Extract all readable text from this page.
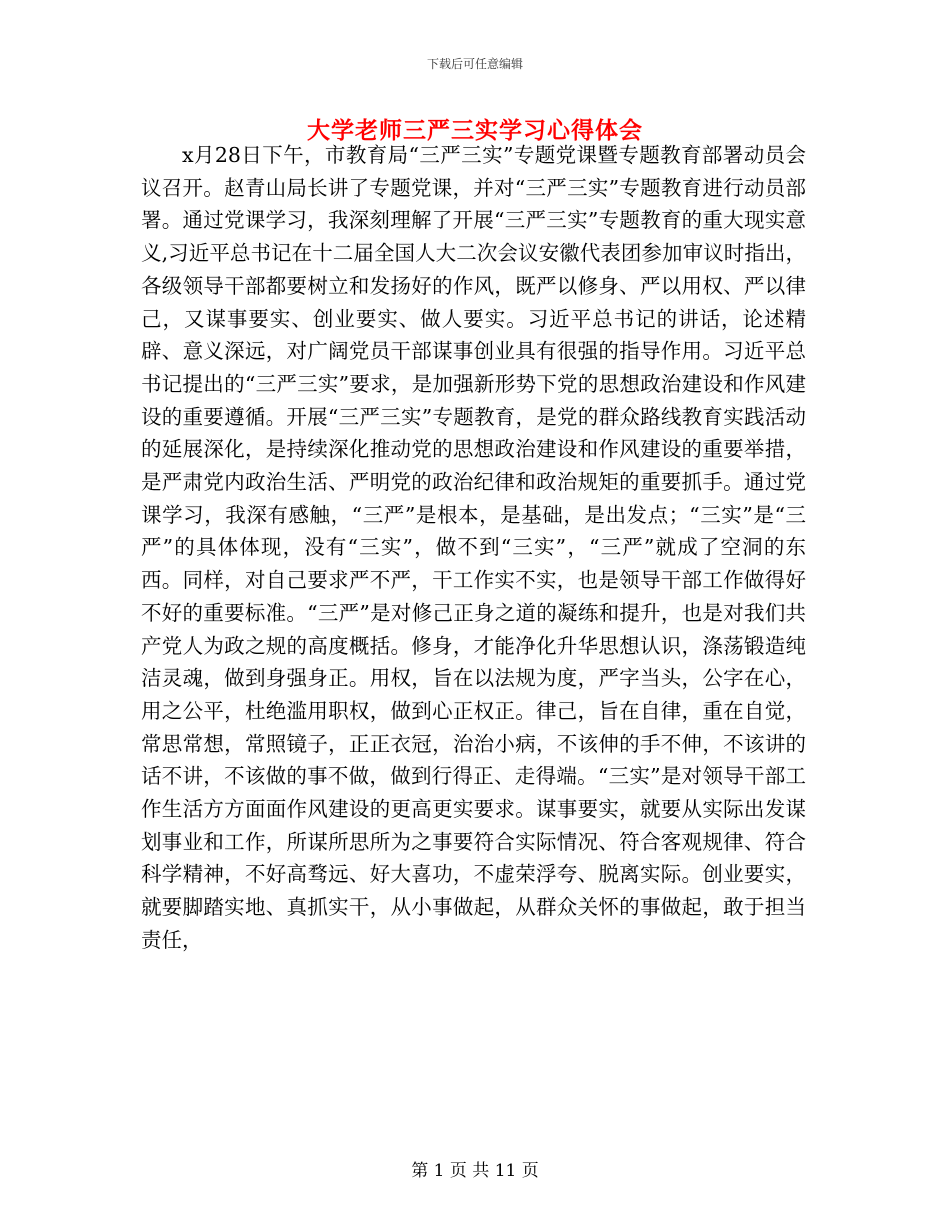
下载后可任意编辑
大学老师三严三实学习心得体会

x月28日下午，市教育局“三严三实”专题党课暨专题教育部署动员会议召开。赵青山局长讲了专题党课，并对“三严三实”专题教育进行动员部署。通过党课学习，我深刻理解了开展“三严三实”专题教育的重大现实意义,习近平总书记在十二届全国人大二次会议安徽代表团参加审议时指出，各级领导干部都要树立和发扬好的作风，既严以修身、严以用权、严以律己，又谋事要实、创业要实、做人要实。习近平总书记的讲话，论述精辟、意义深远，对广阔党员干部谋事创业具有很强的指导作用。习近平总书记提出的“三严三实”要求，是加强新形势下党的思想政治建设和作风建设的重要遵循。开展“三严三实”专题教育，是党的群众路线教育实践活动的延展深化，是持续深化推动党的思想政治建设和作风建设的重要举措，是严肃党内政治生活、严明党的政治纪律和政治规矩的重要抓手。通过党课学习，我深有感触，“三严”是根本，是基础，是出发点；“三实”是“三严”的具体体现，没有“三实”，做不到“三实”，“三严”就成了空洞的东西。同样，对自己要求严不严，干工作实不实，也是领导干部工作做得好不好的重要标准。“三严”是对修己正身之道的凝练和提升，也是对我们共产党人为政之规的高度概括。修身，才能净化升华思想认识，涤荡锻造纯洁灵魂，做到身强身正。用权，旨在以法规为度，严字当头，公字在心，用之公平，杜绝滥用职权，做到心正权正。律己，旨在自律，重在自觉，常思常想，常照镜子，正正衣冠，治治小病，不该伸的手不伸，不该讲的话不讲，不该做的事不做，做到行得正、走得端。“三实”是对领导干部工作生活方方面面作风建设的更高更实要求。谋事要实，就要从实际出发谋划事业和工作，所谋所思所为之事要符合实际情况、符合客观规律、符合科学精神，不好高骛远、好大喜功，不虚荣浮夸、脱离实际。创业要实，就要脚踏实地、真抓实干，从小事做起，从群众关怀的事做起，敢于担当责任，

第 1 页 共 11 页
